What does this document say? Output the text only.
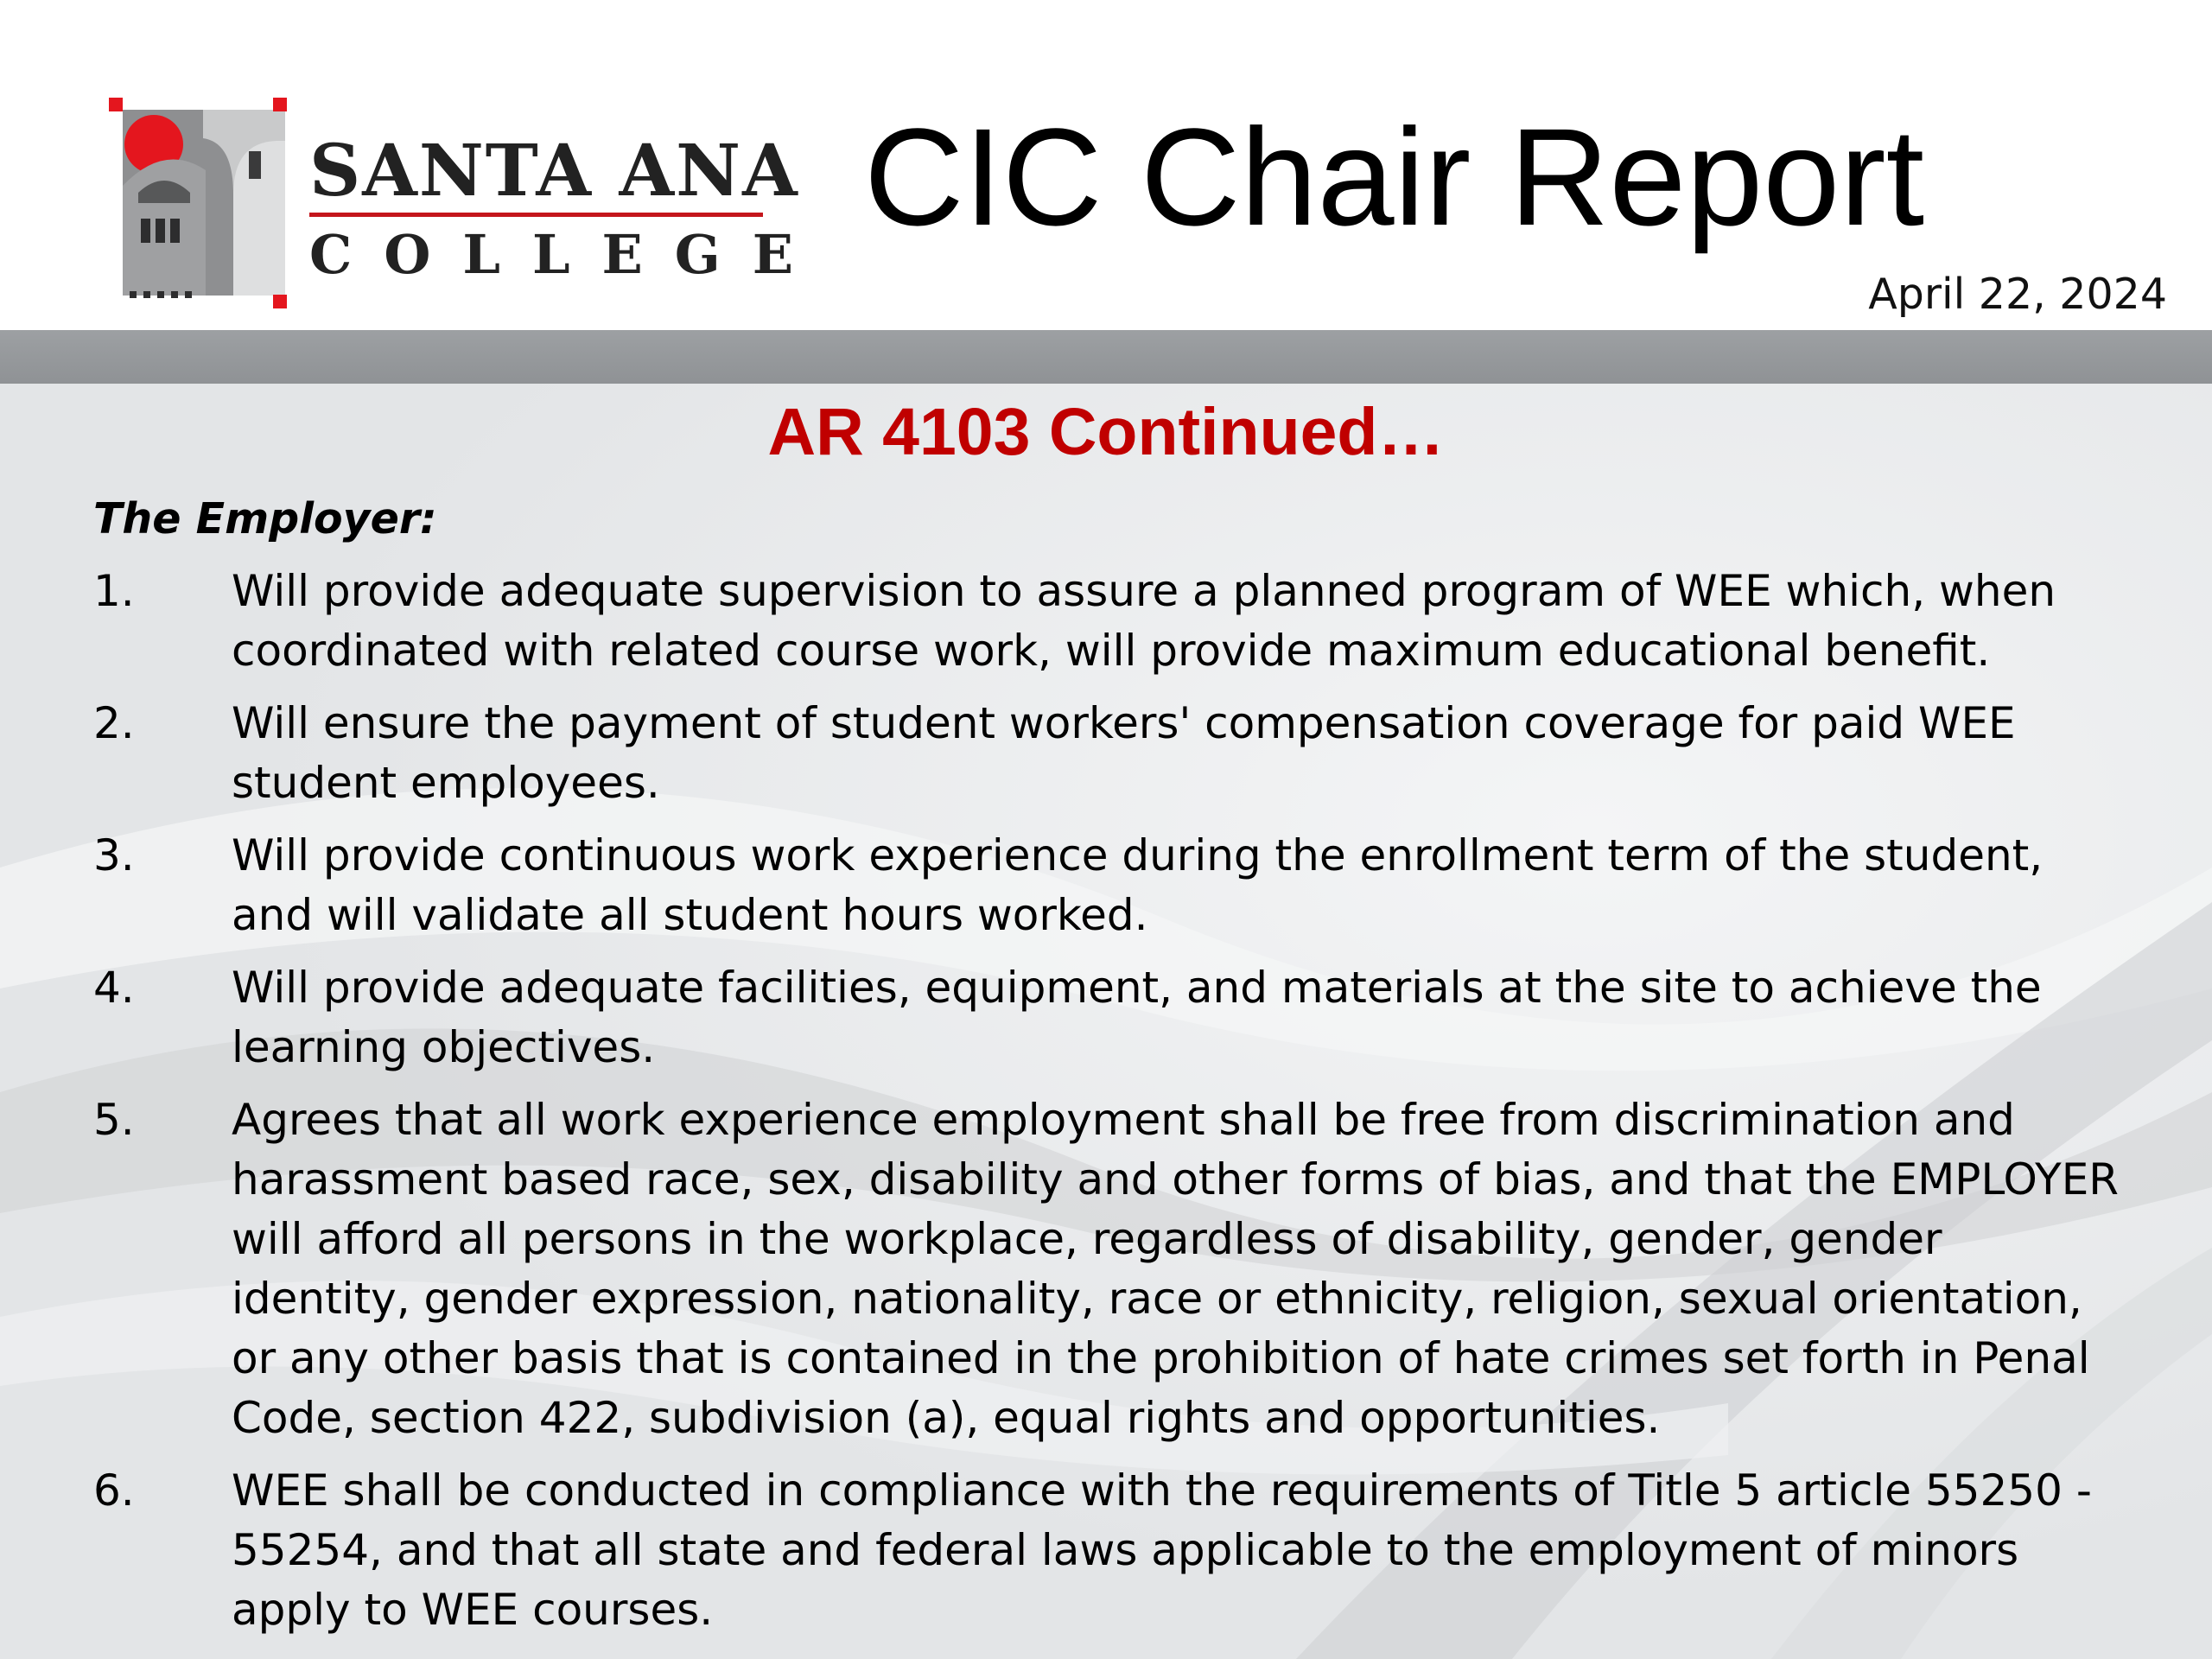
SANTA ANA
COLLEGE
CIC Chair Report
April 22, 2024
AR 4103 Continued…
The Employer:
1. Will provide adequate supervision to assure a planned program of WEE which, when coordinated with related course work, will provide maximum educational benefit.
2. Will ensure the payment of student workers' compensation coverage for paid WEE student employees.
3. Will provide continuous work experience during the enrollment term of the student, and will validate all student hours worked.
4. Will provide adequate facilities, equipment, and materials at the site to achieve the learning objectives.
5. Agrees that all work experience employment shall be free from discrimination and harassment based race, sex, disability and other forms of bias, and that the EMPLOYER will afford all persons in the workplace, regardless of disability, gender, gender identity, gender expression, nationality, race or ethnicity, religion, sexual orientation, or any other basis that is contained in the prohibition of hate crimes set forth in Penal Code, section 422, subdivision (a), equal rights and opportunities.
6. WEE shall be conducted in compliance with the requirements of Title 5 article 55250 - 55254, and that all state and federal laws applicable to the employment of minors apply to WEE courses.
